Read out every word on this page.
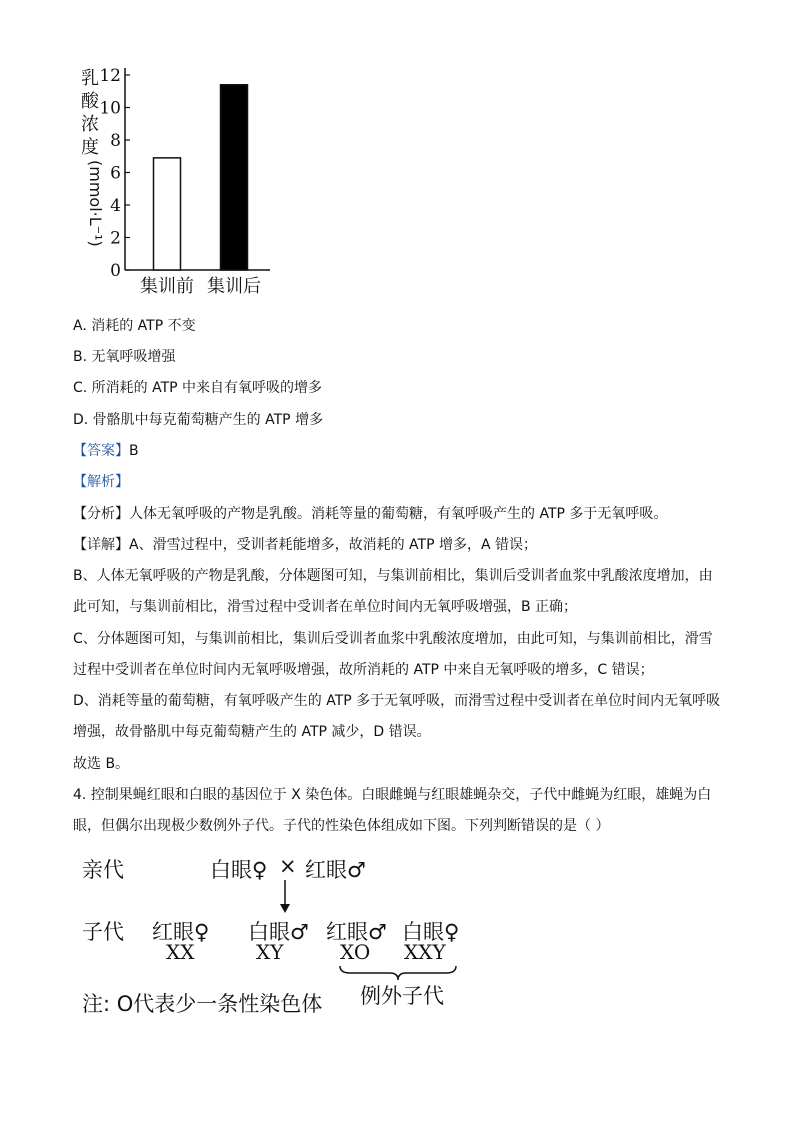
乳
酸
浓
度
(mmol·L⁻¹)
0
2
4
6
8
10
12
集训前 集训后
A. 消耗的 ATP 不变
B. 无氧呼吸增强
C. 所消耗的 ATP 中来自有氧呼吸的增多
D. 骨骼肌中每克葡萄糖产生的 ATP 增多
【答案】B
【解析】
【分析】人体无氧呼吸的产物是乳酸。消耗等量的葡萄糖，有氧呼吸产生的 ATP 多于无氧呼吸。
【详解】A、滑雪过程中，受训者耗能增多，故消耗的 ATP 增多，A 错误；
B、人体无氧呼吸的产物是乳酸，分体题图可知，与集训前相比，集训后受训者血浆中乳酸浓度增加，由
此可知，与集训前相比，滑雪过程中受训者在单位时间内无氧呼吸增强，B 正确；
C、分体题图可知，与集训前相比，集训后受训者血浆中乳酸浓度增加，由此可知，与集训前相比，滑雪
过程中受训者在单位时间内无氧呼吸增强，故所消耗的 ATP 中来自无氧呼吸的增多，C 错误；
D、消耗等量的葡萄糖，有氧呼吸产生的 ATP 多于无氧呼吸，而滑雪过程中受训者在单位时间内无氧呼吸
增强，故骨骼肌中每克葡萄糖产生的 ATP 减少，D 错误。
故选 B。
4. 控制果蝇红眼和白眼的基因位于 X 染色体。白眼雌蝇与红眼雄蝇杂交，子代中雌蝇为红眼，雄蝇为白
眼，但偶尔出现极少数例外子代。子代的性染色体组成如下图。下列判断错误的是（ ）
亲代	白眼♀ × 红眼♂
子代 红眼♀
XX
白眼♂
XY
红眼♂
XO
白眼♀
XXY
例外子代
注: O代表少一条性染色体
